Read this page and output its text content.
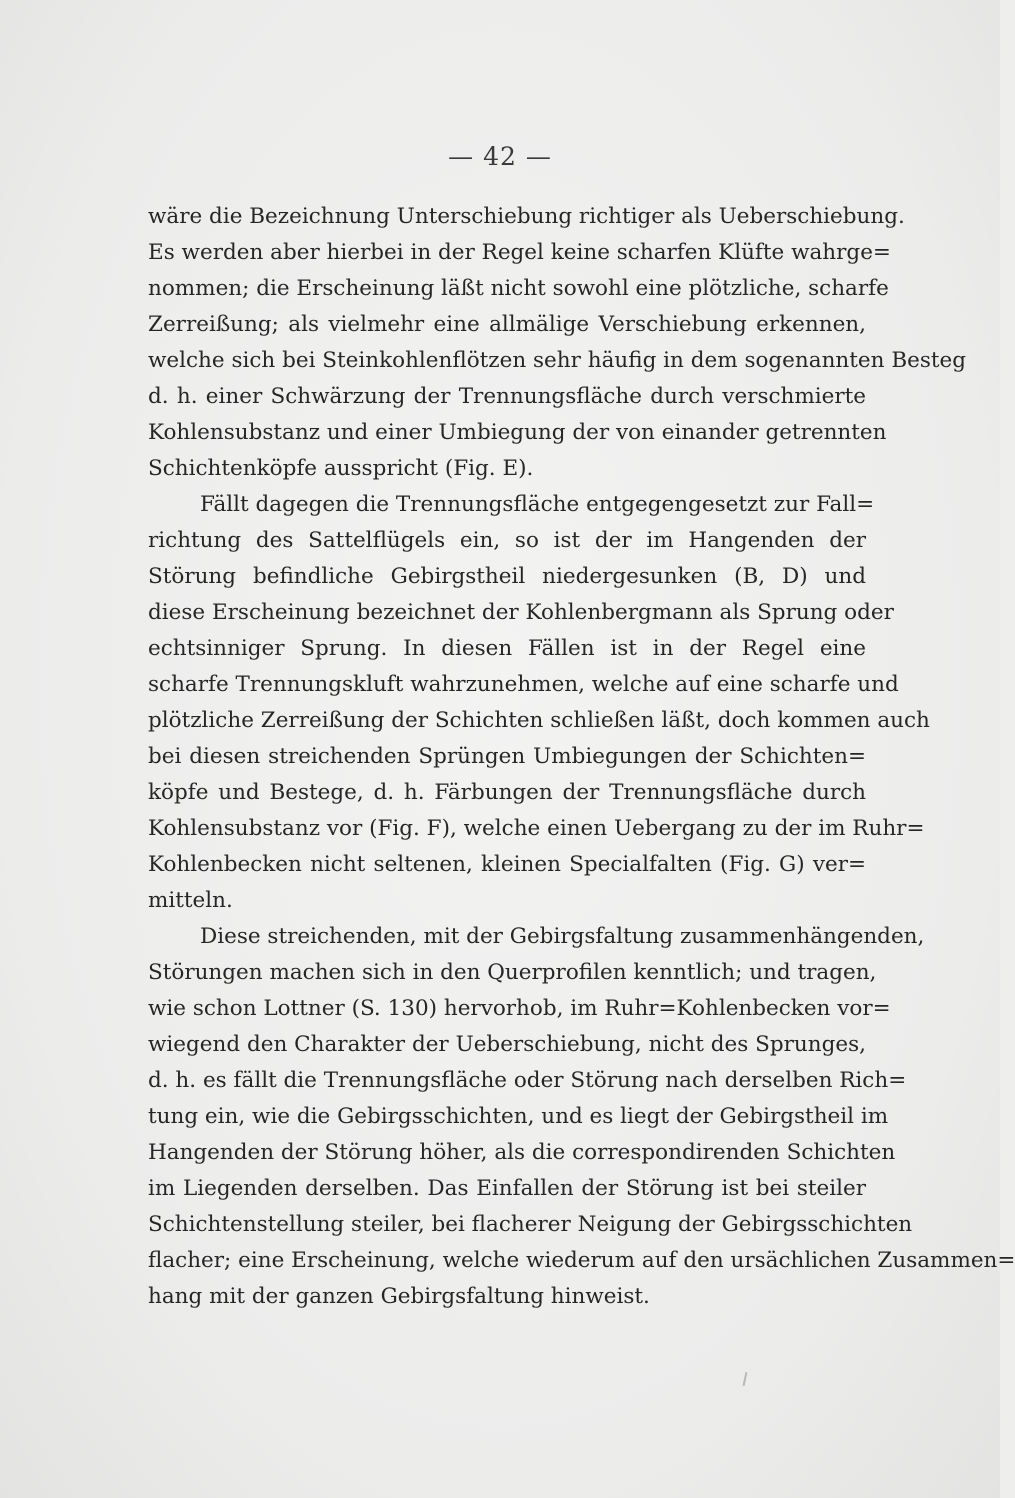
— 42 —
wäre die Bezeichnung Unterschiebung richtiger als Ueberschiebung.
Es werden aber hierbei in der Regel keine scharfen Klüfte wahrge=
nommen; die Erscheinung läßt nicht sowohl eine plötzliche, scharfe
Zerreißung; als vielmehr eine allmälige Verschiebung erkennen,
welche sich bei Steinkohlenflötzen sehr häufig in dem sogenannten Besteg
d. h. einer Schwärzung der Trennungsfläche durch verschmierte
Kohlensubstanz und einer Umbiegung der von einander getrennten
Schichtenköpfe ausspricht (Fig. E).
Fällt dagegen die Trennungsfläche entgegengesetzt zur Fall=
richtung des Sattelflügels ein, so ist der im Hangenden der
Störung befindliche Gebirgstheil niedergesunken (B, D) und
diese Erscheinung bezeichnet der Kohlenbergmann als Sprung oder
echtsinniger Sprung. In diesen Fällen ist in der Regel eine
scharfe Trennungskluft wahrzunehmen, welche auf eine scharfe und
plötzliche Zerreißung der Schichten schließen läßt, doch kommen auch
bei diesen streichenden Sprüngen Umbiegungen der Schichten=
köpfe und Bestege, d. h. Färbungen der Trennungsfläche durch
Kohlensubstanz vor (Fig. F), welche einen Uebergang zu der im Ruhr=
Kohlenbecken nicht seltenen, kleinen Specialfalten (Fig. G) ver=
mitteln.
Diese streichenden, mit der Gebirgsfaltung zusammenhängenden,
Störungen machen sich in den Querprofilen kenntlich; und tragen,
wie schon Lottner (S. 130) hervorhob, im Ruhr=Kohlenbecken vor=
wiegend den Charakter der Ueberschiebung, nicht des Sprunges,
d. h. es fällt die Trennungsfläche oder Störung nach derselben Rich=
tung ein, wie die Gebirgsschichten, und es liegt der Gebirgstheil im
Hangenden der Störung höher, als die correspondirenden Schichten
im Liegenden derselben. Das Einfallen der Störung ist bei steiler
Schichtenstellung steiler, bei flacherer Neigung der Gebirgsschichten
flacher; eine Erscheinung, welche wiederum auf den ursächlichen Zusammen=
hang mit der ganzen Gebirgsfaltung hinweist.
